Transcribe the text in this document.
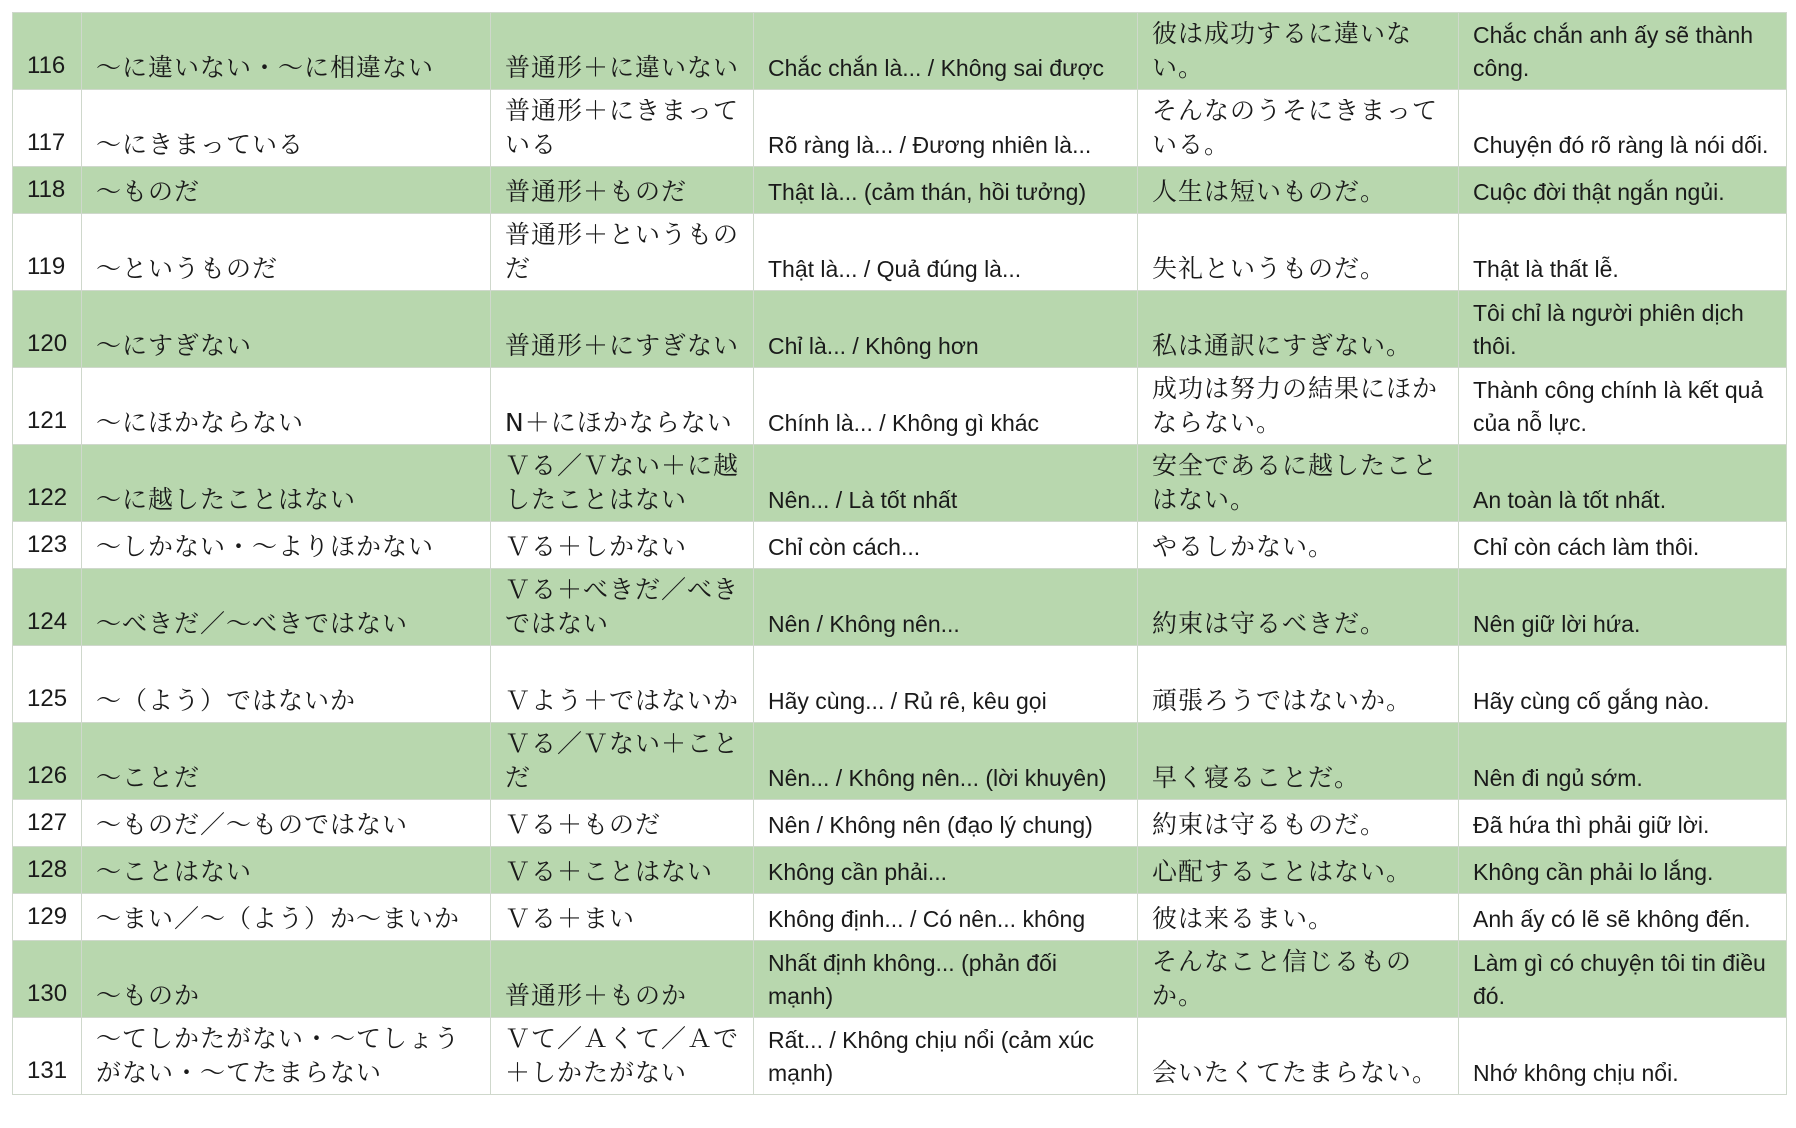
116	～に違いない・～に相違ない	普通形＋に違いない	Chắc chắn là... / Không sai được	彼は成功するに違いない。	Chắc chắn anh ấy sẽ thành công.
117	～にきまっている	普通形＋にきまっている	Rõ ràng là... / Đương nhiên là...	そんなのうそにきまっている。	Chuyện đó rõ ràng là nói dối.
118	～ものだ	普通形＋ものだ	Thật là... (cảm thán, hồi tưởng)	人生は短いものだ。	Cuộc đời thật ngắn ngủi.
119	～というものだ	普通形＋というものだ	Thật là... / Quả đúng là...	失礼というものだ。	Thật là thất lễ.
120	～にすぎない	普通形＋にすぎない	Chỉ là... / Không hơn	私は通訳にすぎない。	Tôi chỉ là người phiên dịch thôi.
121	～にほかならない	N＋にほかならない	Chính là... / Không gì khác	成功は努力の結果にほかならない。	Thành công chính là kết quả của nỗ lực.
122	～に越したことはない	Ｖる／Ｖない＋に越したことはない	Nên... / Là tốt nhất	安全であるに越したことはない。	An toàn là tốt nhất.
123	～しかない・～よりほかない	Ｖる＋しかない	Chỉ còn cách...	やるしかない。	Chỉ còn cách làm thôi.
124	～べきだ／～べきではない	Ｖる＋べきだ／べきではない	Nên / Không nên...	約束は守るべきだ。	Nên giữ lời hứa.
125	～（よう）ではないか	Ｖよう＋ではないか	Hãy cùng... / Rủ rê, kêu gọi	頑張ろうではないか。	Hãy cùng cố gắng nào.
126	～ことだ	Ｖる／Ｖない＋ことだ	Nên... / Không nên... (lời khuyên)	早く寝ることだ。	Nên đi ngủ sớm.
127	～ものだ／～ものではない	Ｖる＋ものだ	Nên / Không nên (đạo lý chung)	約束は守るものだ。	Đã hứa thì phải giữ lời.
128	～ことはない	Ｖる＋ことはない	Không cần phải...	心配することはない。	Không cần phải lo lắng.
129	～まい／～（よう）か～まいか	Ｖる＋まい	Không định... / Có nên... không	彼は来るまい。	Anh ấy có lẽ sẽ không đến.
130	～ものか	普通形＋ものか	Nhất định không... (phản đối mạnh)	そんなこと信じるものか。	Làm gì có chuyện tôi tin điều đó.
131	～てしかたがない・～てしょうがない・～てたまらない	Ｖて／Ａくて／Ａで＋しかたがない	Rất... / Không chịu nổi (cảm xúc mạnh)	会いたくてたまらない。	Nhớ không chịu nổi.
